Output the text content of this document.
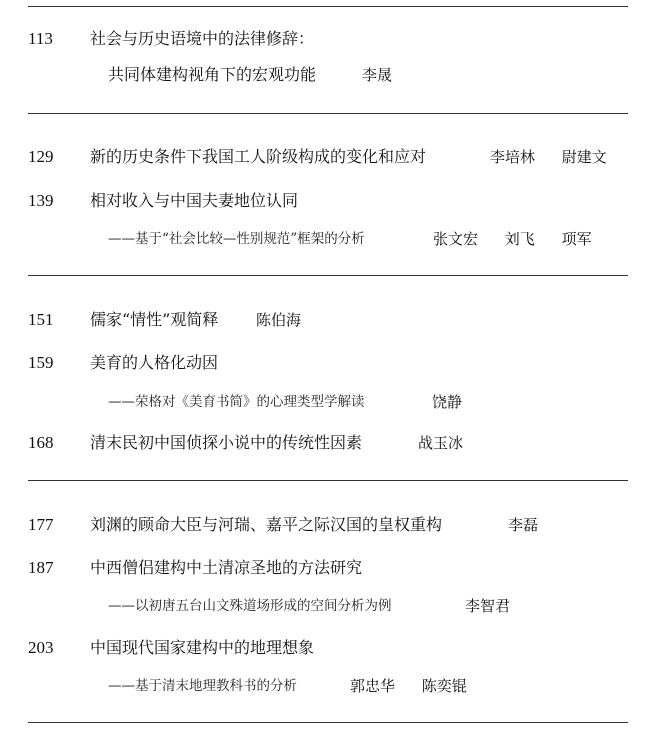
113	社会与历史语境中的法律修辞：
共同体建构视角下的宏观功能	李晟
129	新的历史条件下我国工人阶级构成的变化和应对	李培林 尉建文
139	相对收入与中国夫妻地位认同
——基于“社会比较—性别规范”框架的分析	张文宏 刘飞 项军
151	儒家“情性”观简释	陈伯海
159	美育的人格化动因
——荣格对《美育书简》的心理类型学解读	饶静
168	清末民初中国侦探小说中的传统性因素	战玉冰
177	刘渊的顾命大臣与河瑞、嘉平之际汉国的皇权重构	李磊
187	中西僧侣建构中土清凉圣地的方法研究
——以初唐五台山文殊道场形成的空间分析为例	李智君
203	中国现代国家建构中的地理想象
——基于清末地理教科书的分析	郭忠华 陈奕锟
